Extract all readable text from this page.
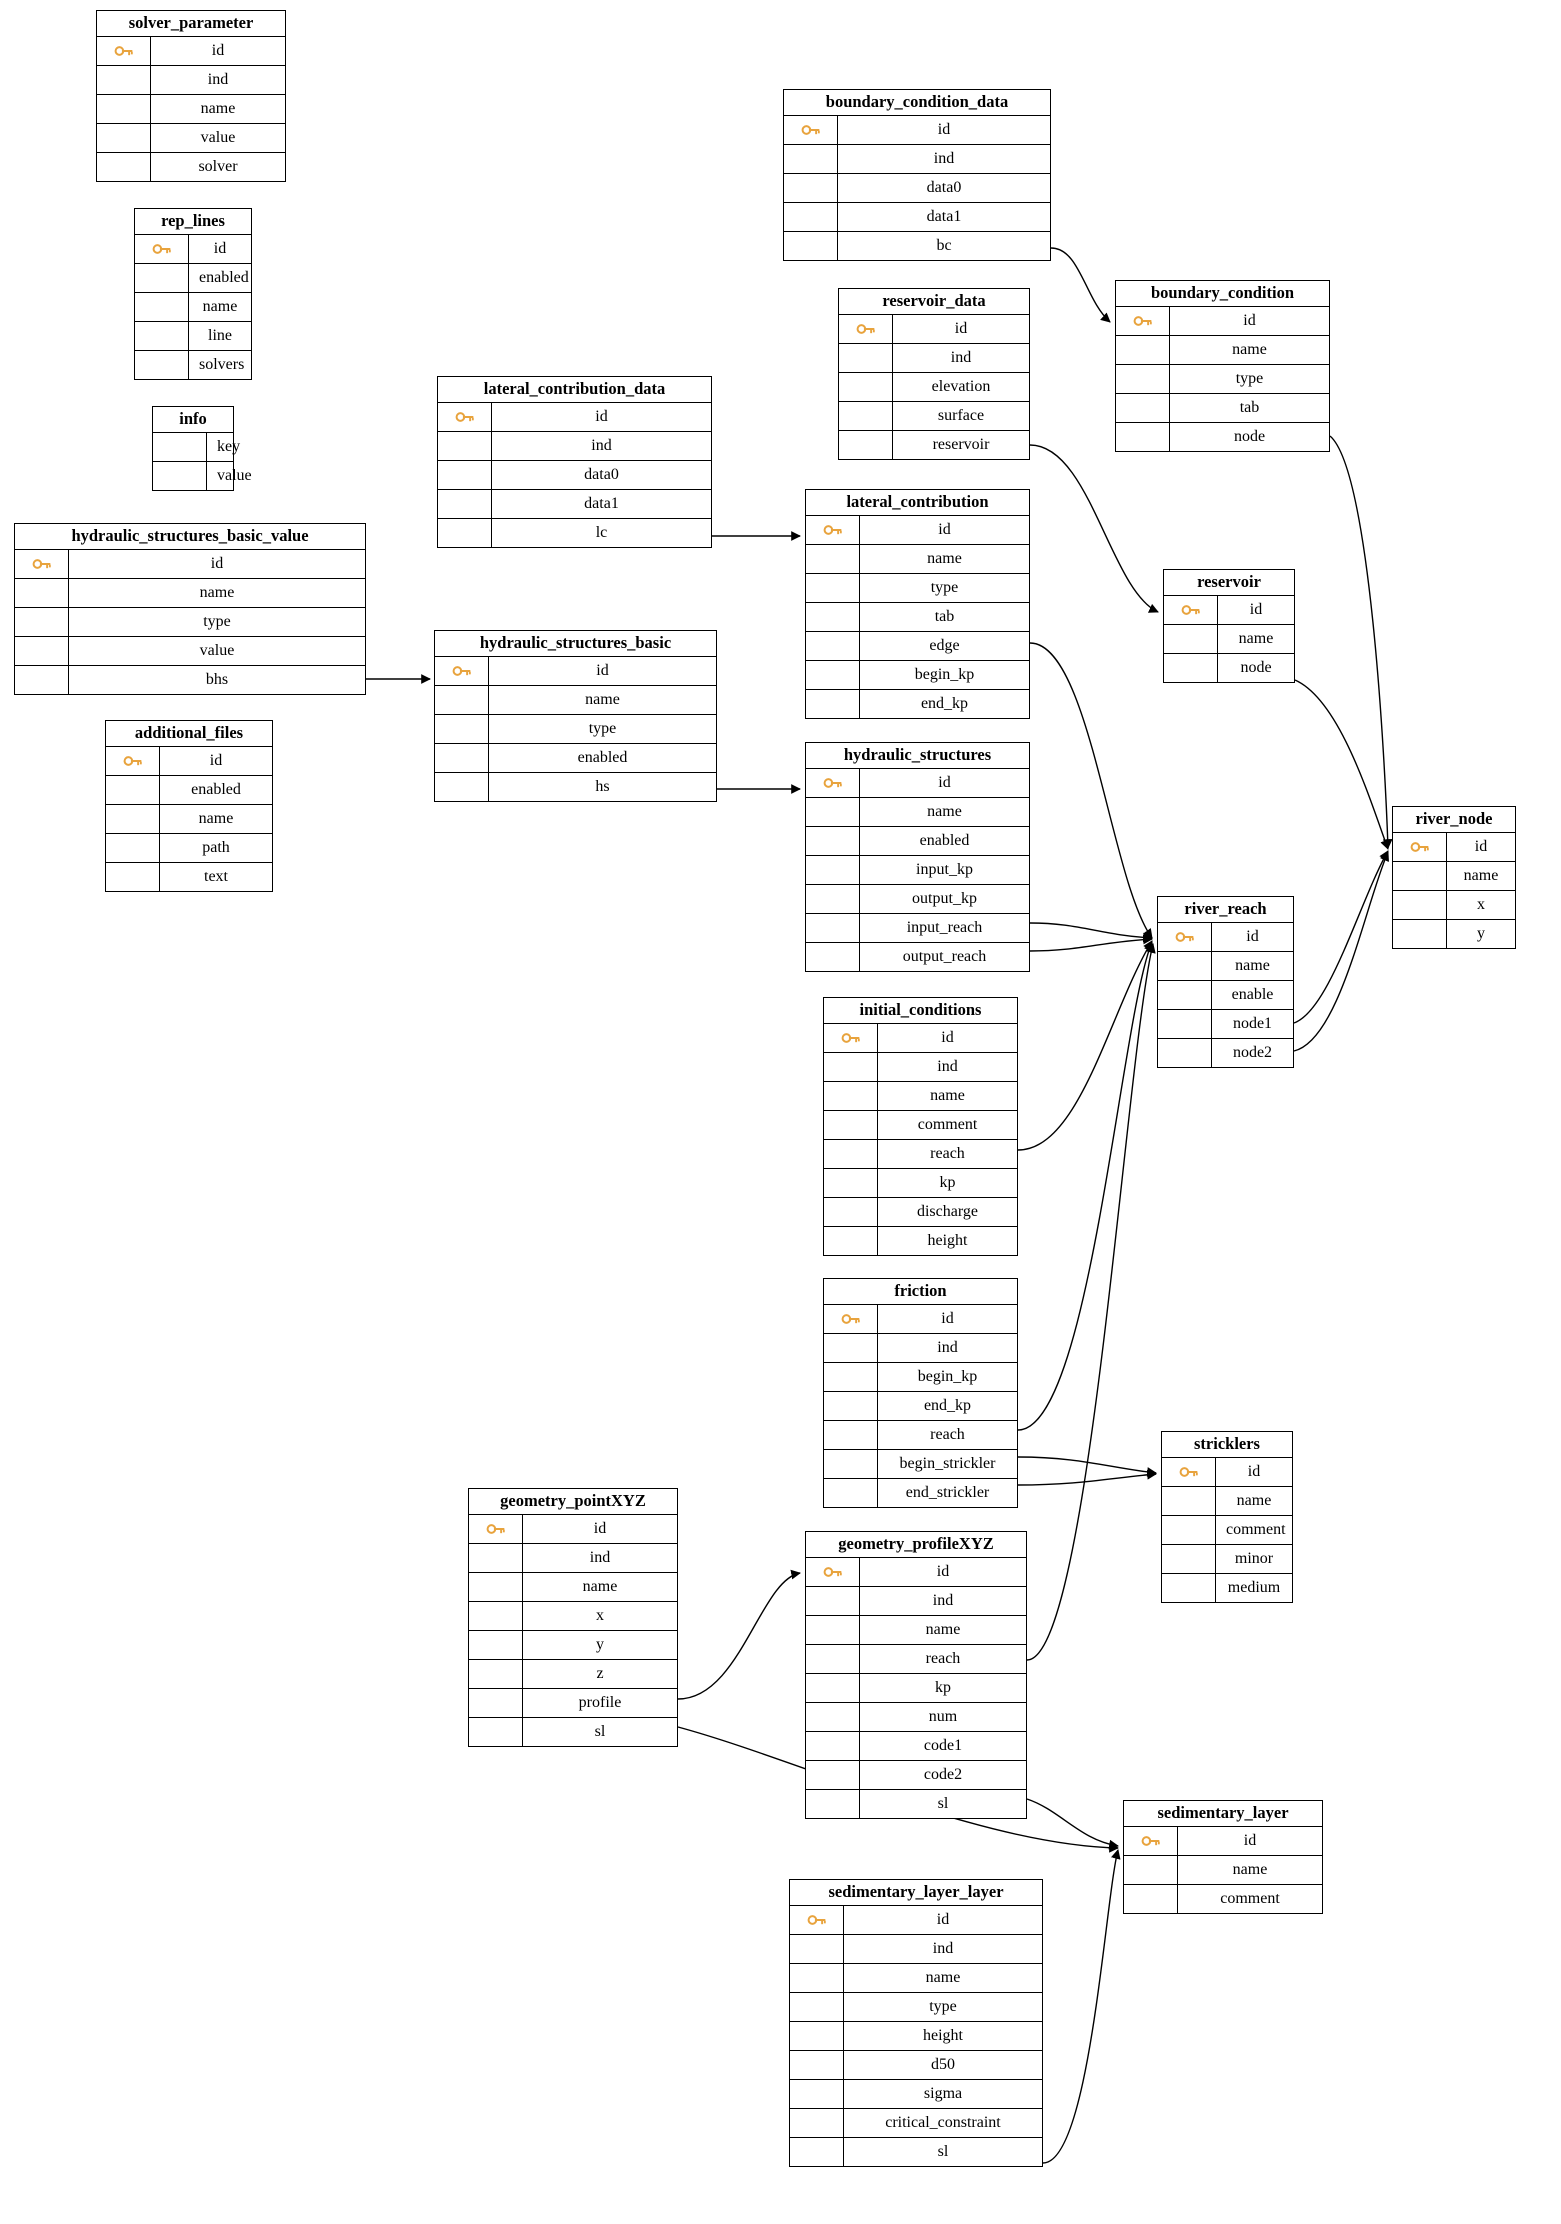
solver_parameter
id
ind
name
value
solver
rep_lines
id
enabled
name
line
solvers
info
key
value
hydraulic_structures_basic_value
id
name
type
value
bhs
additional_files
id
enabled
name
path
text
lateral_contribution_data
id
ind
data0
data1
lc
hydraulic_structures_basic
id
name
type
enabled
hs
boundary_condition_data
id
ind
data0
data1
bc
reservoir_data
id
ind
elevation
surface
reservoir
lateral_contribution
id
name
type
tab
edge
begin_kp
end_kp
hydraulic_structures
id
name
enabled
input_kp
output_kp
input_reach
output_reach
initial_conditions
id
ind
name
comment
reach
kp
discharge
height
friction
id
ind
begin_kp
end_kp
reach
begin_strickler
end_strickler
geometry_pointXYZ
id
ind
name
x
y
z
profile
sl
geometry_profileXYZ
id
ind
name
reach
kp
num
code1
code2
sl
sedimentary_layer_layer
id
ind
name
type
height
d50
sigma
critical_constraint
sl
boundary_condition
id
name
type
tab
node
reservoir
id
name
node
river_reach
id
name
enable
node1
node2
stricklers
id
name
comment
minor
medium
river_node
id
name
x
y
sedimentary_layer
id
name
comment
